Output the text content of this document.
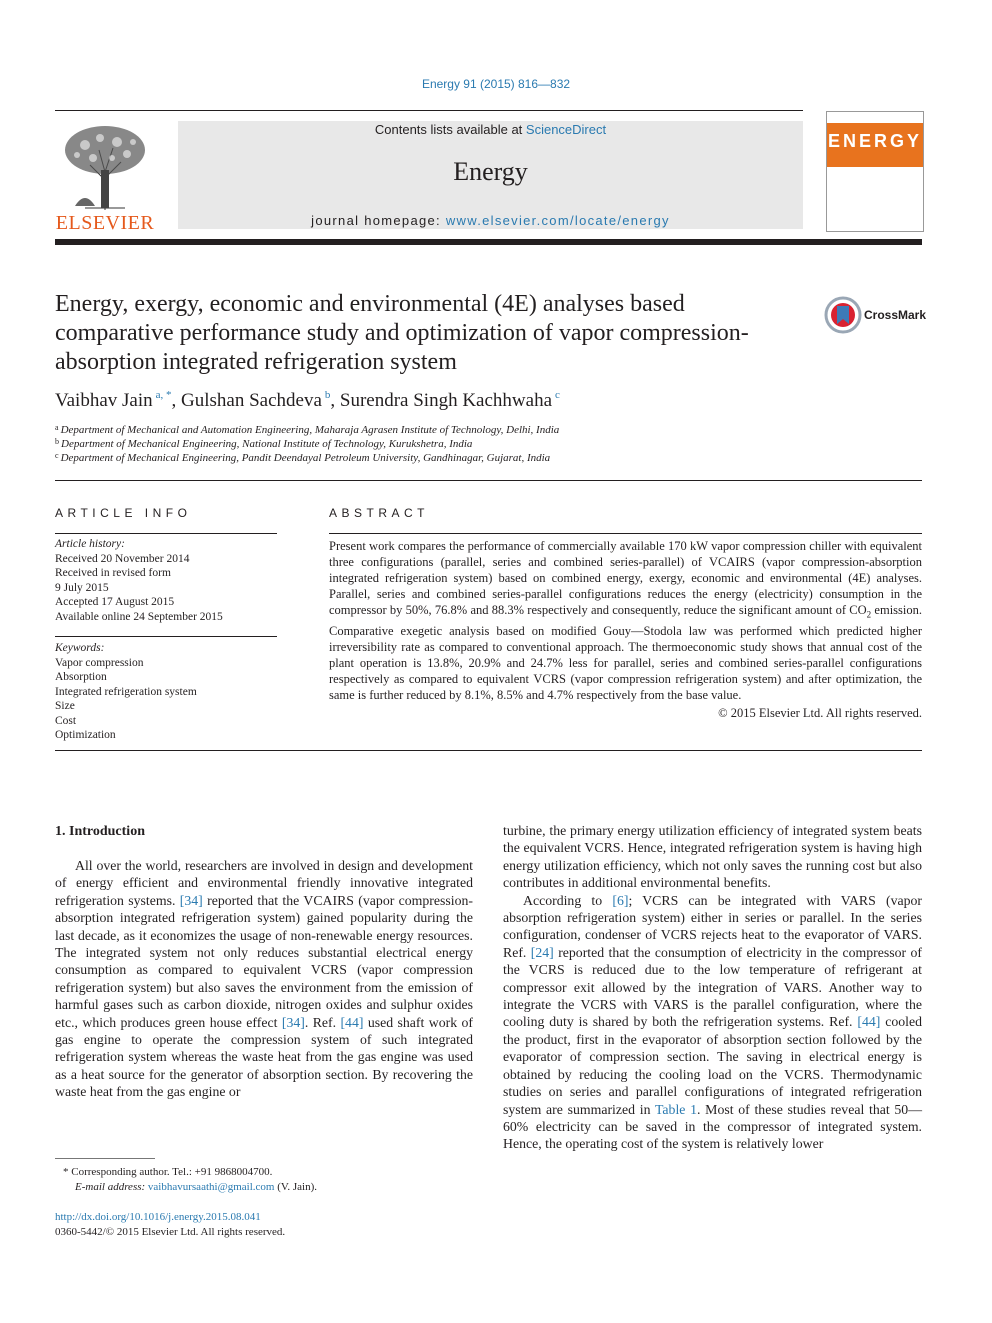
Energy 91 (2015) 816—832
ELSEVIER
Contents lists available at ScienceDirect
Energy
journal homepage: www.elsevier.com/locate/energy
ENERGY
Energy, exergy, economic and environmental (4E) analyses based comparative performance study and optimization of vapor compression-absorption integrated refrigeration system
CrossMark
Vaibhav Jain $^{a, *}$, Gulshan Sachdeva $^b$, Surendra Singh Kachhwaha $^c$
$^a$ Department of Mechanical and Automation Engineering, Maharaja Agrasen Institute of Technology, Delhi, India
$^b$ Department of Mechanical Engineering, National Institute of Technology, Kurukshetra, India
$^c$ Department of Mechanical Engineering, Pandit Deendayal Petroleum University, Gandhinagar, Gujarat, India
ARTICLE INFO
Article history:
Received 20 November 2014
Received in revised form
9 July 2015
Accepted 17 August 2015
Available online 24 September 2015
Keywords:
Vapor compression
Absorption
Integrated refrigeration system
Size
Cost
Optimization
ABSTRACT
Present work compares the performance of commercially available 170 kW vapor compression chiller with equivalent three configurations (parallel, series and combined series-parallel) of VCAIRS (vapor compression-absorption integrated refrigeration system) based on combined energy, exergy, economic and environmental (4E) analyses. Parallel, series and combined series-parallel configurations reduces the energy (electricity) consumption in the compressor by 50%, 76.8% and 88.3% respectively and consequently, reduce the significant amount of $CO_2$ emission. Comparative exegetic analysis based on modified Gouy—Stodola law was performed which predicted higher irreversibility rate as compared to conventional approach. The thermoeconomic study shows that annual cost of the plant operation is 13.8%, 20.9% and 24.7% less for parallel, series and combined series-parallel configurations respectively as compared to equivalent VCRS (vapor compression refrigeration system) and after optimization, the same is further reduced by 8.1%, 8.5% and 4.7% respectively from the base value.
© 2015 Elsevier Ltd. All rights reserved.
1. Introduction

All over the world, researchers are involved in design and development of energy efficient and environmental friendly innovative integrated refrigeration systems. [34] reported that the VCAIRS (vapor compression-absorption integrated refrigeration system) gained popularity during the last decade, as it economizes the usage of non-renewable energy resources. The integrated system not only reduces substantial electrical energy consumption as compared to equivalent VCRS (vapor compression refrigeration system) but also saves the environment from the emission of harmful gases such as carbon dioxide, nitrogen oxides and sulphur oxides etc., which produces green house effect [34]. Ref. [44] used shaft work of gas engine to operate the compression system of such integrated refrigeration system whereas the waste heat from the gas engine was used as a heat source for the generator of absorption section. By recovering the waste heat from the gas engine or

turbine, the primary energy utilization efficiency of integrated system beats the equivalent VCRS. Hence, integrated refrigeration system is having high energy utilization efficiency, which not only saves the running cost but also contributes in additional environmental benefits.

According to [6]; VCRS can be integrated with VARS (vapor absorption refrigeration system) either in series or parallel. In the series configuration, condenser of VCRS rejects heat to the evaporator of VARS. Ref. [24] reported that the consumption of electricity in the compressor of the VCRS is reduced due to the low temperature of refrigerant at compressor exit allowed by the integration of VARS. Another way to integrate the VCRS with VARS is the parallel configuration, where the cooling duty is shared by both the refrigeration systems. Ref. [44] cooled the product, first in the evaporator of absorption section followed by the evaporator of compression section. The saving in electrical energy is obtained by reducing the cooling load on the VCRS. Thermodynamic studies on series and parallel configurations of integrated refrigeration system are summarized in Table 1. Most of these studies reveal that 50—60% electricity can be saved in the compressor of integrated system. Hence, the operating cost of the system is relatively lower

* Corresponding author. Tel.: +91 9868004700.
E-mail address: vaibhavursaathi@gmail.com (V. Jain).
http://dx.doi.org/10.1016/j.energy.2015.08.041
0360-5442/© 2015 Elsevier Ltd. All rights reserved.
